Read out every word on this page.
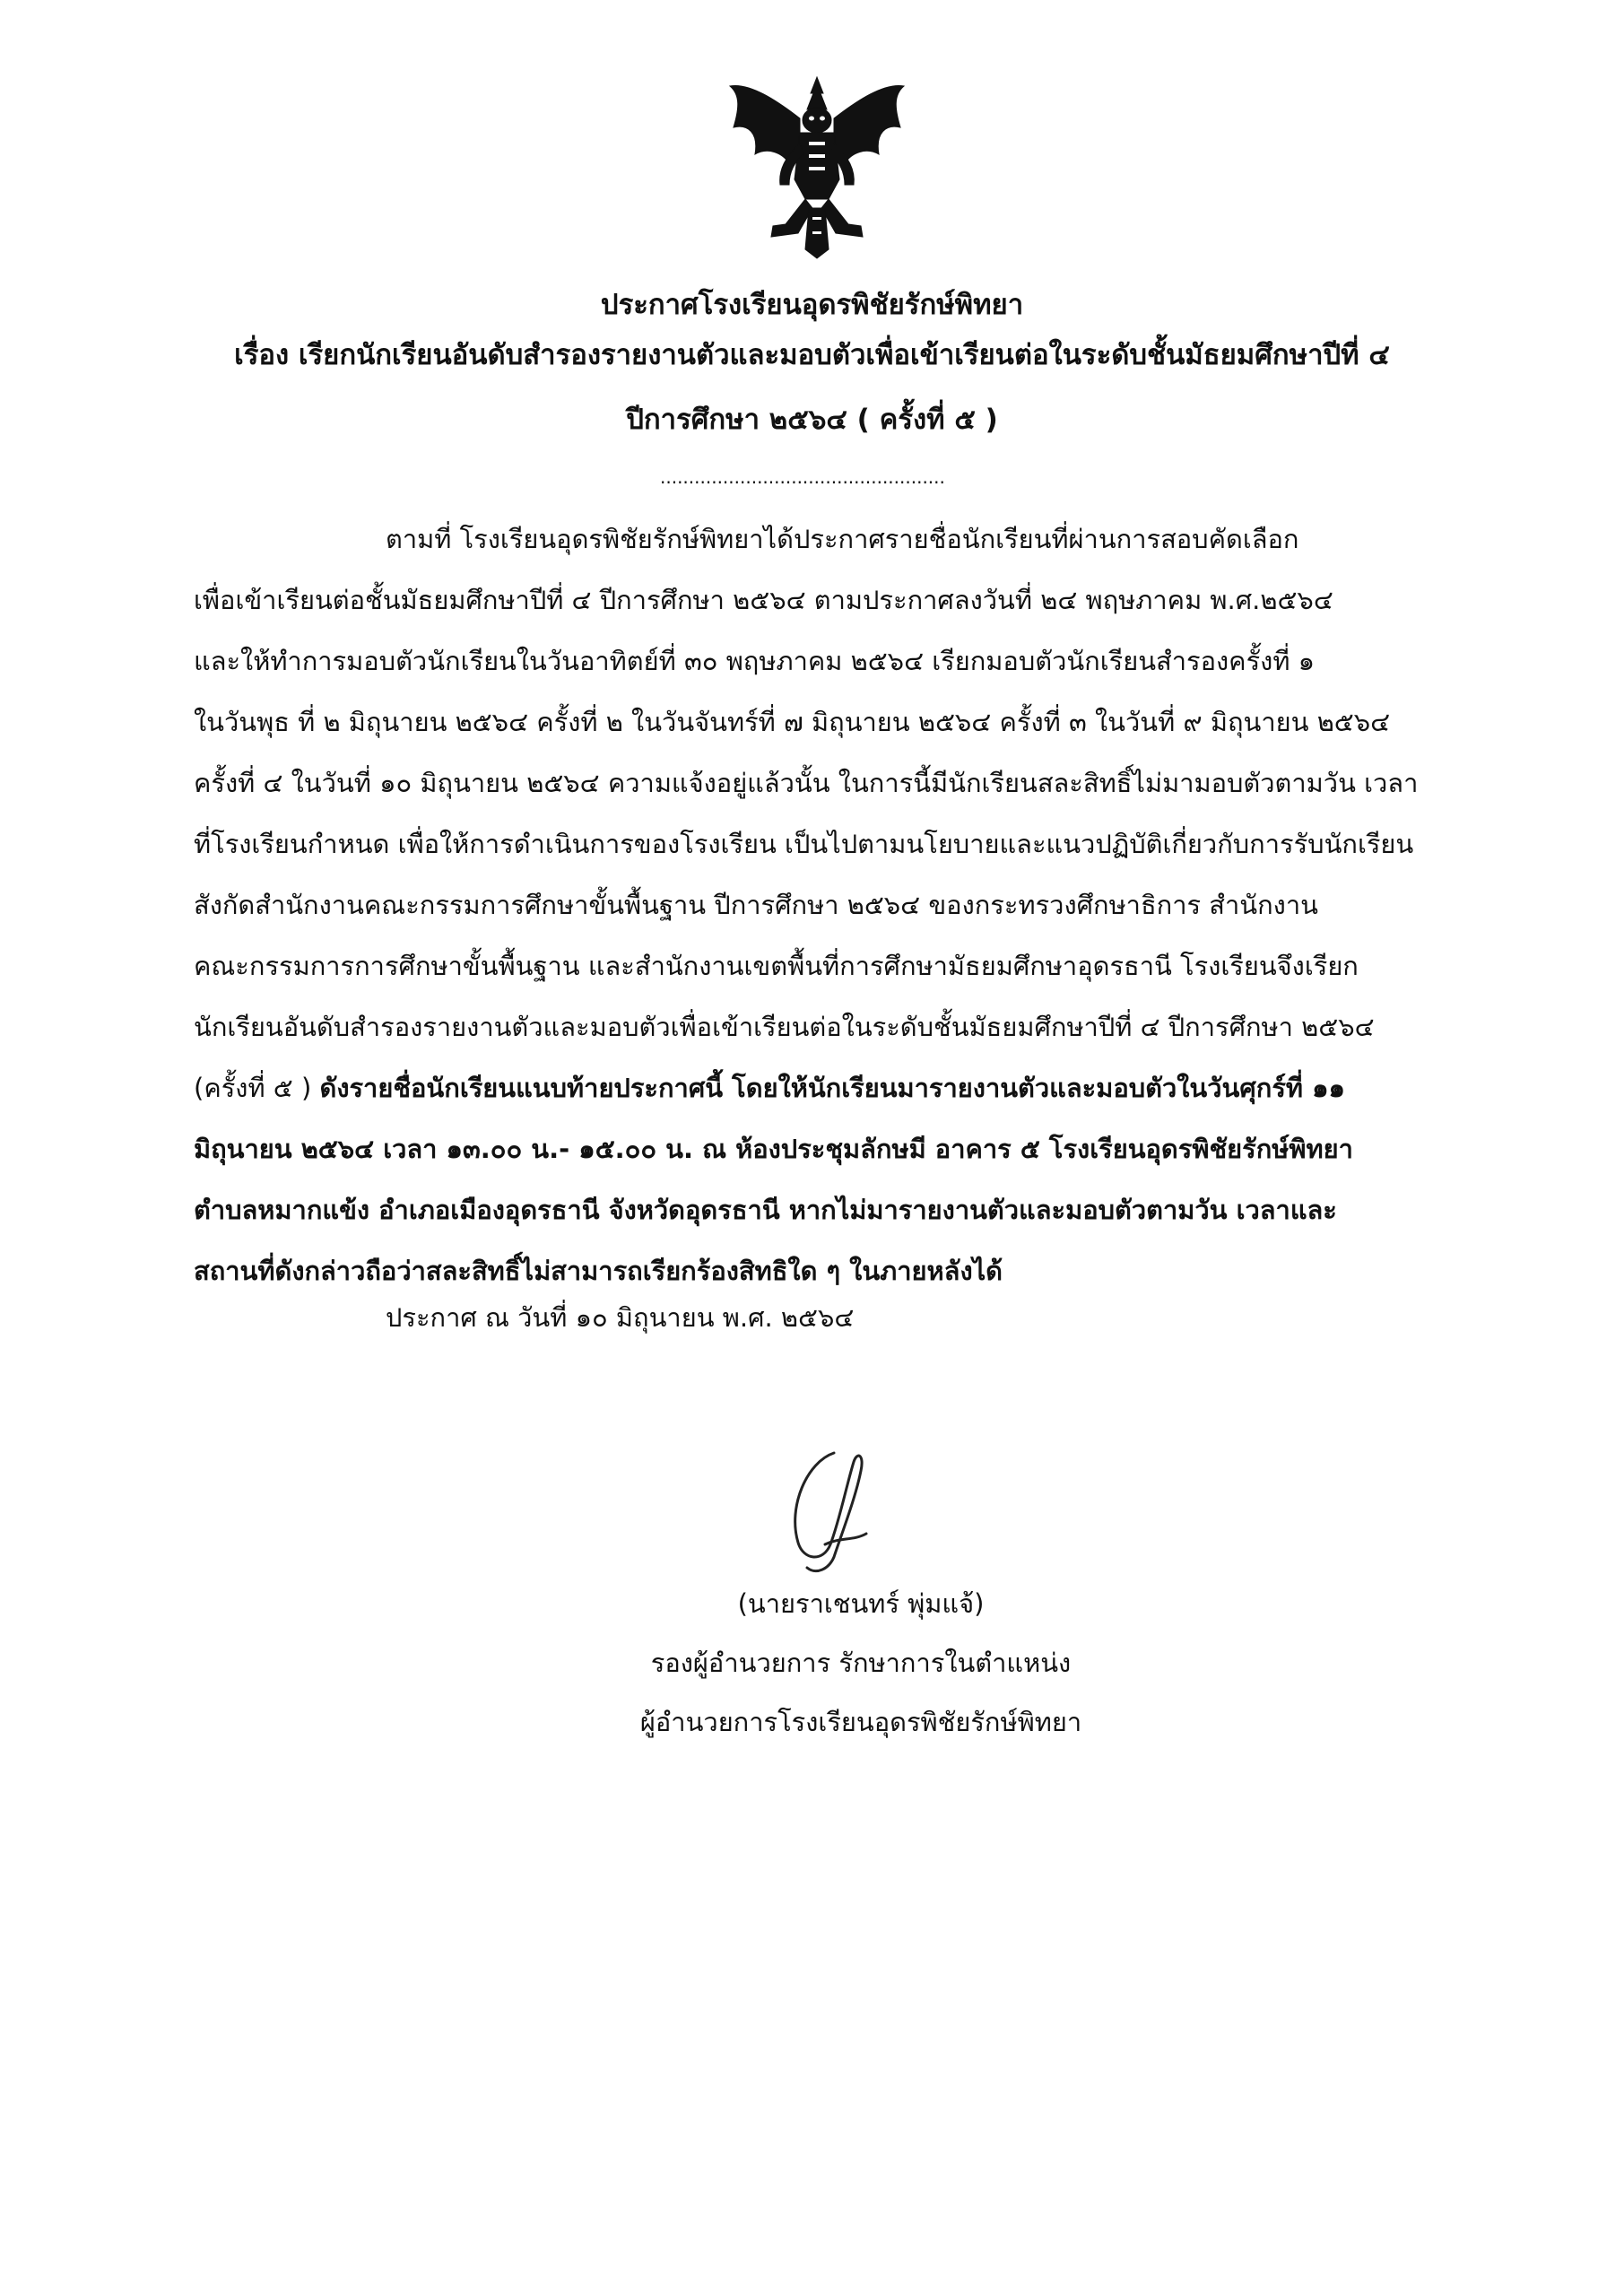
ประกาศโรงเรียนอุดรพิชัยรักษ์พิทยา
เรื่อง เรียกนักเรียนอันดับสำรองรายงานตัวและมอบตัวเพื่อเข้าเรียนต่อในระดับชั้นมัธยมศึกษาปีที่ ๔
ปีการศึกษา ๒๕๖๔ ( ครั้งที่ ๕ )
..................................................
ตามที่ โรงเรียนอุดรพิชัยรักษ์พิทยาได้ประกาศรายชื่อนักเรียนที่ผ่านการสอบคัดเลือก
เพื่อเข้าเรียนต่อชั้นมัธยมศึกษาปีที่ ๔ ปีการศึกษา ๒๕๖๔ ตามประกาศลงวันที่ ๒๔ พฤษภาคม พ.ศ.๒๕๖๔
และให้ทำการมอบตัวนักเรียนในวันอาทิตย์ที่ ๓๐ พฤษภาคม ๒๕๖๔ เรียกมอบตัวนักเรียนสำรองครั้งที่ ๑
ในวันพุธ ที่ ๒ มิถุนายน ๒๕๖๔ ครั้งที่ ๒ ในวันจันทร์ที่ ๗ มิถุนายน ๒๕๖๔ ครั้งที่ ๓ ในวันที่ ๙ มิถุนายน ๒๕๖๔
ครั้งที่ ๔ ในวันที่ ๑๐ มิถุนายน ๒๕๖๔ ความแจ้งอยู่แล้วนั้น ในการนี้มีนักเรียนสละสิทธิ์ไม่มามอบตัวตามวัน เวลา
ที่โรงเรียนกำหนด เพื่อให้การดำเนินการของโรงเรียน เป็นไปตามนโยบายและแนวปฏิบัติเกี่ยวกับการรับนักเรียน
สังกัดสำนักงานคณะกรรมการศึกษาขั้นพื้นฐาน ปีการศึกษา ๒๕๖๔ ของกระทรวงศึกษาธิการ สำนักงาน
คณะกรรมการการศึกษาขั้นพื้นฐาน และสำนักงานเขตพื้นที่การศึกษามัธยมศึกษาอุดรธานี โรงเรียนจึงเรียก
นักเรียนอันดับสำรองรายงานตัวและมอบตัวเพื่อเข้าเรียนต่อในระดับชั้นมัธยมศึกษาปีที่ ๔ ปีการศึกษา ๒๕๖๔
(ครั้งที่ ๕ ) ดังรายชื่อนักเรียนแนบท้ายประกาศนี้ โดยให้นักเรียนมารายงานตัวและมอบตัวในวันศุกร์ที่ ๑๑
มิถุนายน ๒๕๖๔ เวลา ๑๓.๐๐ น.- ๑๕.๐๐ น. ณ ห้องประชุมลักษมี อาคาร ๕ โรงเรียนอุดรพิชัยรักษ์พิทยา
ตำบลหมากแข้ง อำเภอเมืองอุดรธานี จังหวัดอุดรธานี หากไม่มารายงานตัวและมอบตัวตามวัน เวลาและ
สถานที่ดังกล่าวถือว่าสละสิทธิ์ไม่สามารถเรียกร้องสิทธิใด ๆ ในภายหลังได้
ประกาศ ณ วันที่ ๑๐ มิถุนายน พ.ศ. ๒๕๖๔
(นายราเชนทร์ พุ่มแจ้)
รองผู้อำนวยการ รักษาการในตำแหน่ง
ผู้อำนวยการโรงเรียนอุดรพิชัยรักษ์พิทยา
